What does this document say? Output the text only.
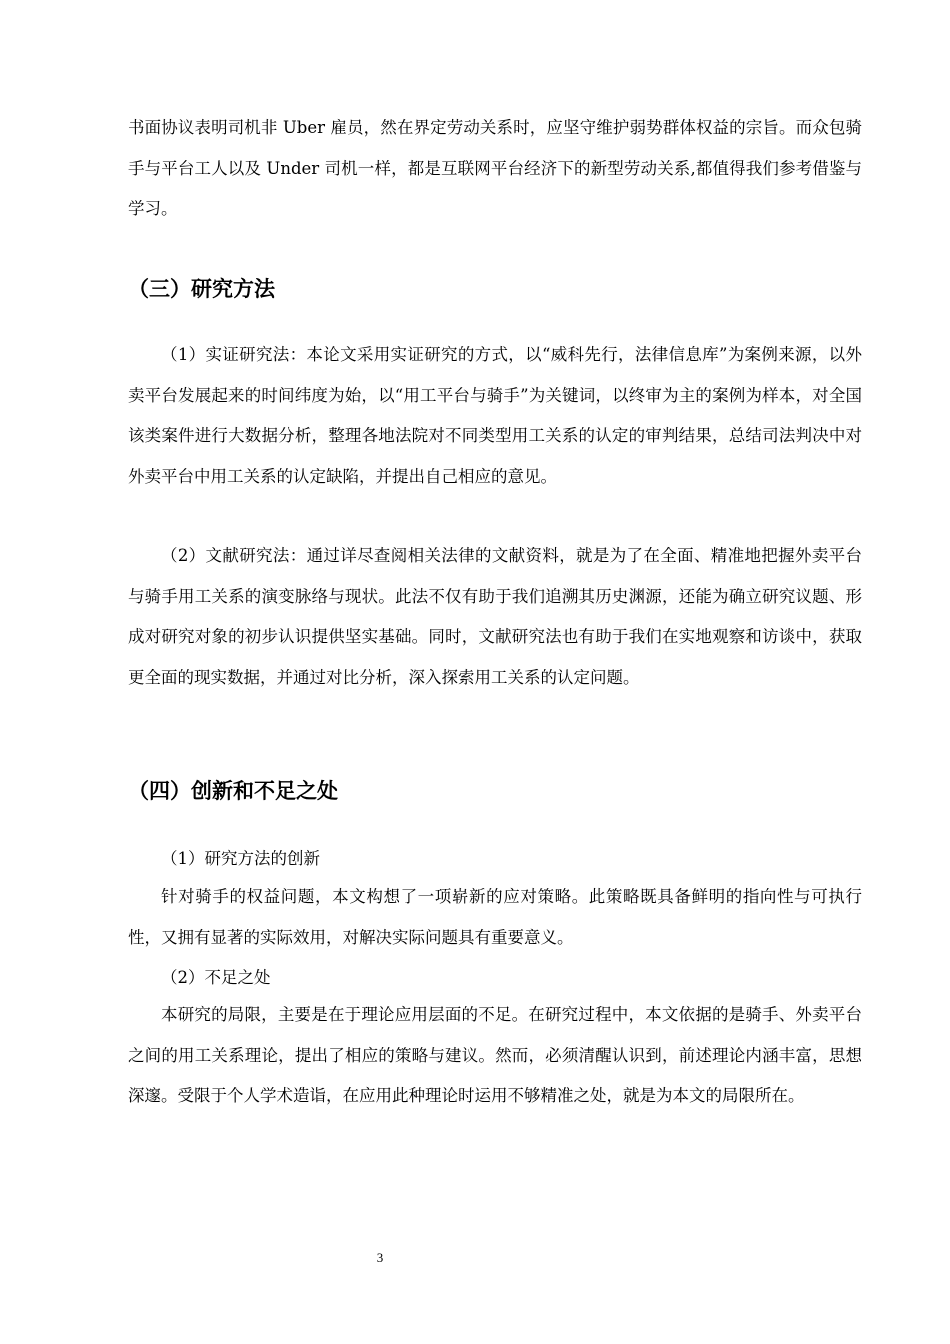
书面协议表明司机非 Uber 雇员，然在界定劳动关系时，应坚守维护弱势群体权益的宗旨。而众包骑手与平台工人以及 Under 司机一样，都是互联网平台经济下的新型劳动关系,都值得我们参考借鉴与学习。

（三）研究方法

（1）实证研究法：本论文采用实证研究的方式，以“威科先行，法律信息库”为案例来源，以外卖平台发展起来的时间纬度为始，以“用工平台与骑手”为关键词，以终审为主的案例为样本，对全国该类案件进行大数据分析，整理各地法院对不同类型用工关系的认定的审判结果，总结司法判决中对外卖平台中用工关系的认定缺陷，并提出自己相应的意见。

（2）文献研究法：通过详尽查阅相关法律的文献资料，就是为了在全面、精准地把握外卖平台与骑手用工关系的演变脉络与现状。此法不仅有助于我们追溯其历史渊源，还能为确立研究议题、形成对研究对象的初步认识提供坚实基础。同时，文献研究法也有助于我们在实地观察和访谈中，获取更全面的现实数据，并通过对比分析，深入探索用工关系的认定问题。

（四）创新和不足之处

（1）研究方法的创新

针对骑手的权益问题，本文构想了一项崭新的应对策略。此策略既具备鲜明的指向性与可执行性，又拥有显著的实际效用，对解决实际问题具有重要意义。

（2）不足之处

本研究的局限，主要是在于理论应用层面的不足。在研究过程中，本文依据的是骑手、外卖平台之间的用工关系理论，提出了相应的策略与建议。然而，必须清醒认识到，前述理论内涵丰富，思想深邃。受限于个人学术造诣，在应用此种理论时运用不够精准之处，就是为本文的局限所在。

3
